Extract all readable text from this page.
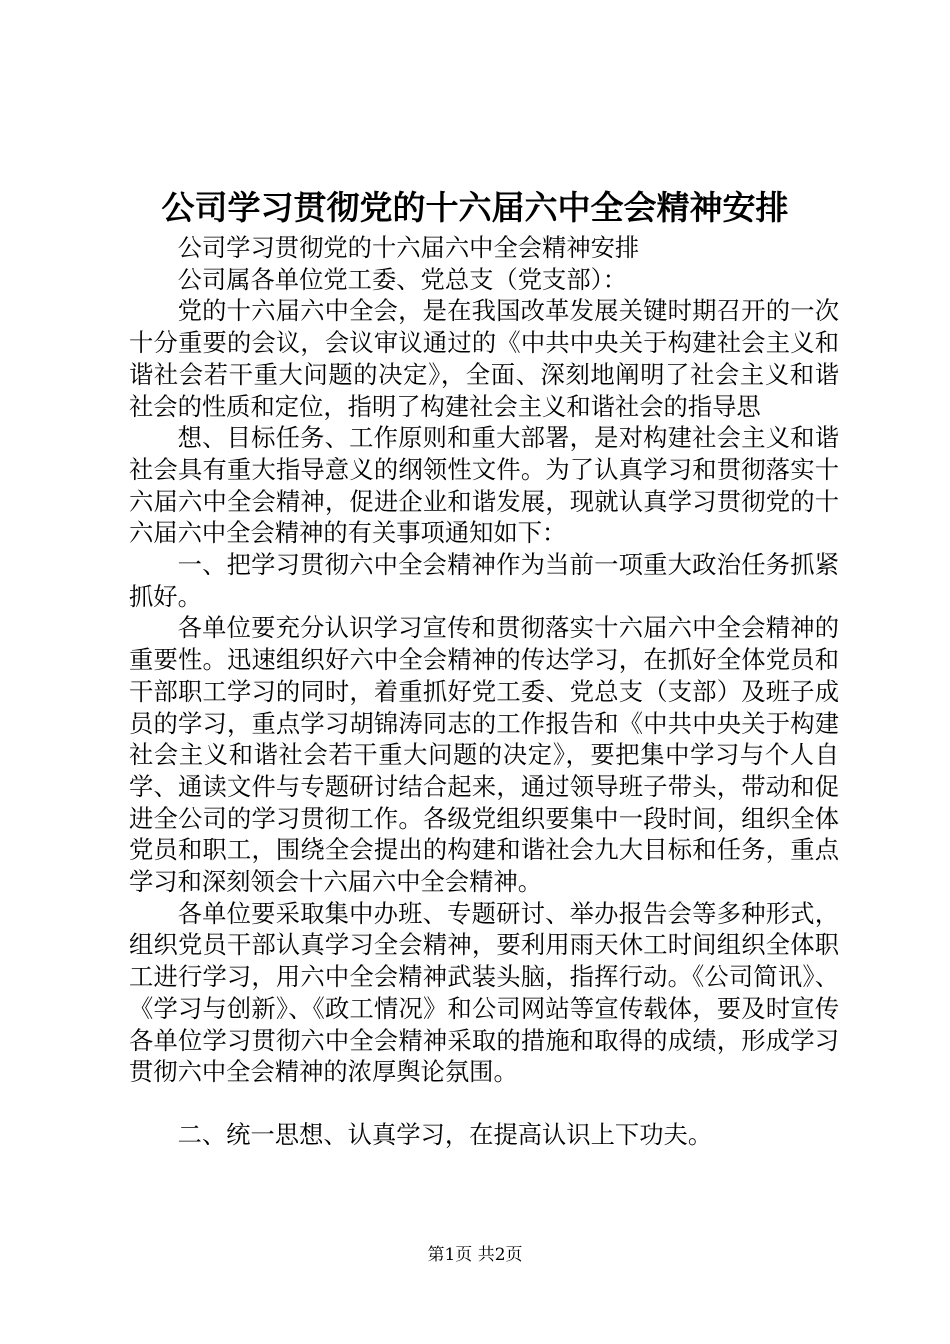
公司学习贯彻党的十六届六中全会精神安排

公司学习贯彻党的十六届六中全会精神安排

公司属各单位党工委、党总支（党支部）：

党的十六届六中全会，是在我国改革发展关键时期召开的一次十分重要的会议，会议审议通过的《中共中央关于构建社会主义和谐社会若干重大问题的决定》，全面、深刻地阐明了社会主义和谐社会的性质和定位，指明了构建社会主义和谐社会的指导思

想、目标任务、工作原则和重大部署，是对构建社会主义和谐社会具有重大指导意义的纲领性文件。为了认真学习和贯彻落实十六届六中全会精神，促进企业和谐发展，现就认真学习贯彻党的十六届六中全会精神的有关事项通知如下：

一、把学习贯彻六中全会精神作为当前一项重大政治任务抓紧抓好。

各单位要充分认识学习宣传和贯彻落实十六届六中全会精神的重要性。迅速组织好六中全会精神的传达学习，在抓好全体党员和干部职工学习的同时，着重抓好党工委、党总支（支部）及班子成员的学习，重点学习胡锦涛同志的工作报告和《中共中央关于构建社会主义和谐社会若干重大问题的决定》，要把集中学习与个人自学、通读文件与专题研讨结合起来，通过领导班子带头，带动和促进全公司的学习贯彻工作。各级党组织要集中一段时间，组织全体党员和职工，围绕全会提出的构建和谐社会九大目标和任务，重点学习和深刻领会十六届六中全会精神。

各单位要采取集中办班、专题研讨、举办报告会等多种形式，组织党员干部认真学习全会精神，要利用雨天休工时间组织全体职工进行学习，用六中全会精神武装头脑，指挥行动。《公司简讯》、《学习与创新》、《政工情况》和公司网站等宣传载体，要及时宣传各单位学习贯彻六中全会精神采取的措施和取得的成绩，形成学习贯彻六中全会精神的浓厚舆论氛围。

二、统一思想、认真学习，在提高认识上下功夫。

第1页 共2页
